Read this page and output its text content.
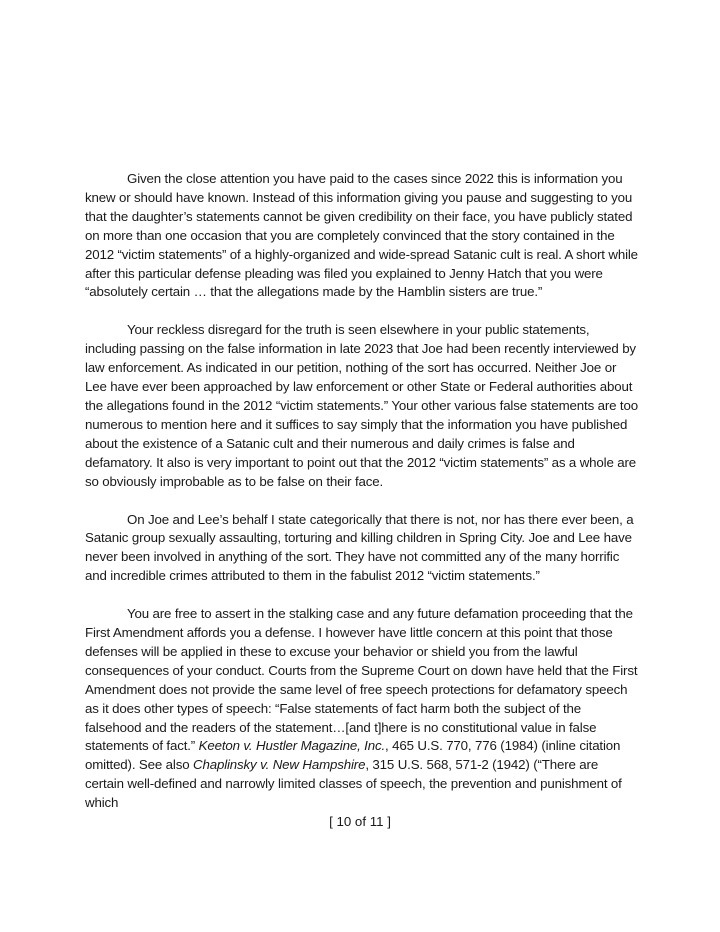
Given the close attention you have paid to the cases since 2022 this is information you knew or should have known. Instead of this information giving you pause and suggesting to you that the daughter’s statements cannot be given credibility on their face, you have publicly stated on more than one occasion that you are completely convinced that the story contained in the 2012 “victim statements” of a highly-organized and wide-spread Satanic cult is real. A short while after this particular defense pleading was filed you explained to Jenny Hatch that you were “absolutely certain … that the allegations made by the Hamblin sisters are true.”

Your reckless disregard for the truth is seen elsewhere in your public statements, including passing on the false information in late 2023 that Joe had been recently interviewed by law enforcement. As indicated in our petition, nothing of the sort has occurred. Neither Joe or Lee have ever been approached by law enforcement or other State or Federal authorities about the allegations found in the 2012 “victim statements.” Your other various false statements are too numerous to mention here and it suffices to say simply that the information you have published about the existence of a Satanic cult and their numerous and daily crimes is false and defamatory. It also is very important to point out that the 2012 “victim statements” as a whole are so obviously improbable as to be false on their face.

On Joe and Lee’s behalf I state categorically that there is not, nor has there ever been, a Satanic group sexually assaulting, torturing and killing children in Spring City. Joe and Lee have never been involved in anything of the sort. They have not committed any of the many horrific and incredible crimes attributed to them in the fabulist 2012 “victim statements.”

You are free to assert in the stalking case and any future defamation proceeding that the First Amendment affords you a defense. I however have little concern at this point that those defenses will be applied in these to excuse your behavior or shield you from the lawful consequences of your conduct. Courts from the Supreme Court on down have held that the First Amendment does not provide the same level of free speech protections for defamatory speech as it does other types of speech: “False statements of fact harm both the subject of the falsehood and the readers of the statement…[and t]here is no constitutional value in false statements of fact.” Keeton v. Hustler Magazine, Inc., 465 U.S. 770, 776 (1984) (inline citation omitted). See also Chaplinsky v. New Hampshire, 315 U.S. 568, 571-2 (1942) (“There are certain well-defined and narrowly limited classes of speech, the prevention and punishment of which

[ 10 of 11 ]
